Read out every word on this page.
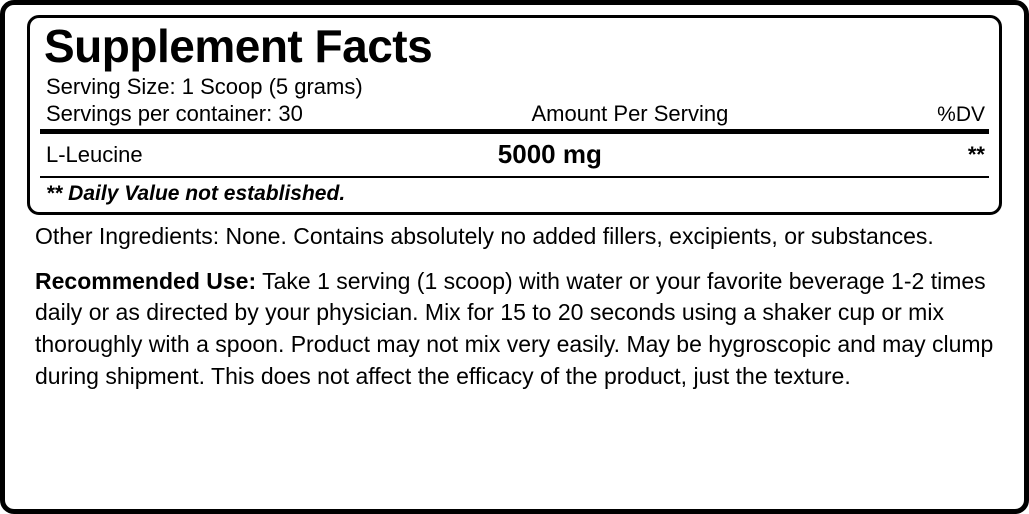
Supplement Facts
Serving Size: 1 Scoop (5 grams)
Servings per container: 30	Amount Per Serving	%DV
L-Leucine	5000 mg	**
** Daily Value not established.
Other Ingredients: None. Contains absolutely no added fillers, excipients, or substances.
Recommended Use: Take 1 serving (1 scoop) with water or your favorite beverage 1-2 times daily or as directed by your physician. Mix for 15 to 20 seconds using a shaker cup or mix thoroughly with a spoon. Product may not mix very easily. May be hygroscopic and may clump during shipment. This does not affect the efficacy of the product, just the texture.
